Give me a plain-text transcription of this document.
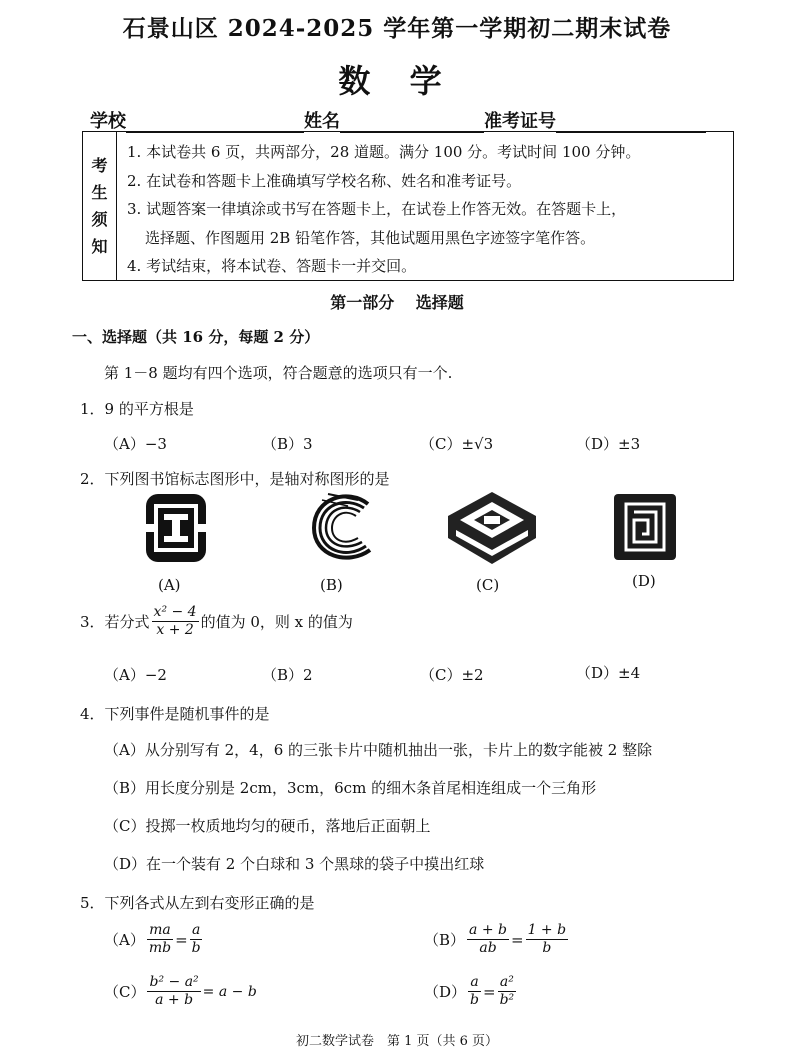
石景山区 2024-2025 学年第一学期初二期末试卷
数 学
学校	姓名	准考证号
考
生
须
知
1. 本试卷共 6 页，共两部分，28 道题。满分 100 分。考试时间 100 分钟。
2. 在试卷和答题卡上准确填写学校名称、姓名和准考证号。
3. 试题答案一律填涂或书写在答题卡上，在试卷上作答无效。在答题卡上，
选择题、作图题用 2B 铅笔作答，其他试题用黑色字迹签字笔作答。
4. 考试结束，将本试卷、答题卡一并交回。
第一部分　 选择题
一、选择题（共 16 分，每题 2 分）
第 1－8 题均有四个选项，符合题意的选项只有一个.
1．9 的平方根是
（A）−3	（B）3	（C）±√3	（D）±3
2．下列图书馆标志图形中，是轴对称图形的是
(A)	(B)	(C)	(D)
3．若分式 $\frac{\text{x² − 4}}{x + 2}$ 的值为 0，则 x 的值为
（A）−2	（B）2	（C）±2	（D）±4
4．下列事件是随机事件的是
（A）从分别写有 2，4，6 的三张卡片中随机抽出一张，卡片上的数字能被 2 整除
（B）用长度分别是 2cm，3cm，6cm 的细木条首尾相连组成一个三角形
（C）投掷一枚质地均匀的硬币，落地后正面朝上
（D）在一个装有 2 个白球和 3 个黑球的袋子中摸出红球
5．下列各式从左到右变形正确的是
$(A) \frac{ma}{mb} = \frac{a}{b}$	$(B) \frac{a + b}{ab} = \frac{1 + b}{b}$
$(C) \frac{\text{b² − a²}}{a + b} = a - b$	$(D) \frac{a}{b} = \frac{\text{a²}}{\text{b²}}$
初二数学试卷　第 1 页（共 6 页）
